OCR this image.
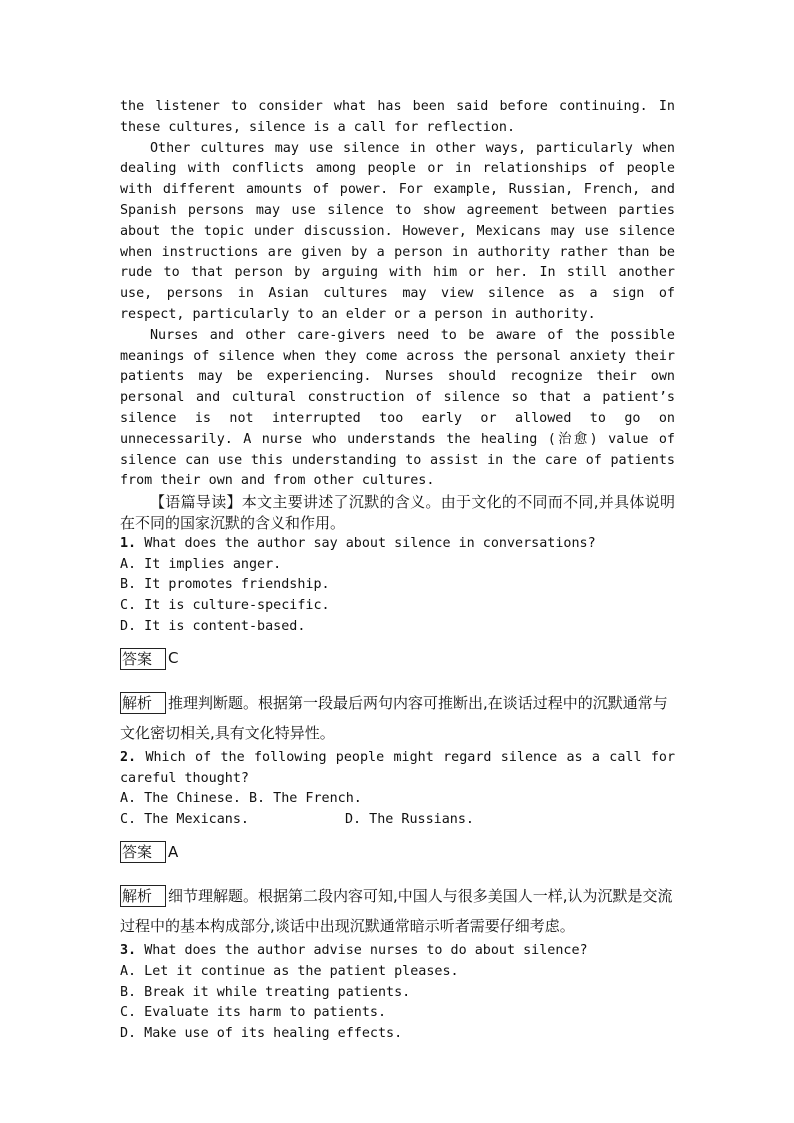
the listener to consider what has been said before continuing. In these cultures, silence is a call for reflection.

Other cultures may use silence in other ways, particularly when dealing with conflicts among people or in relationships of people with different amounts of power. For example, Russian, French, and Spanish persons may use silence to show agreement between parties about the topic under discussion. However, Mexicans may use silence when instructions are given by a person in authority rather than be rude to that person by arguing with him or her. In still another use, persons in Asian cultures may view silence as a sign of respect, particularly to an elder or a person in authority.

Nurses and other care-givers need to be aware of the possible meanings of silence when they come across the personal anxiety their patients may be experiencing. Nurses should recognize their own personal and cultural construction of silence so that a patient’s silence is not interrupted too early or allowed to go on unnecessarily. A nurse who understands the healing (治愈) value of silence can use this understanding to assist in the care of patients from their own and from other cultures.

【语篇导读】本文主要讲述了沉默的含义。由于文化的不同而不同,并具体说明在不同的国家沉默的含义和作用。

1. What does the author say about silence in conversations?

A. It implies anger.
B. It promotes friendship.
C. It is culture-specific.
D. It is content-based.
答案	C
解析 推理判断题。根据第一段最后两句内容可推断出,在谈话过程中的沉默通常与文化密切相关,具有文化特异性。

2. Which of the following people might regard silence as a call for careful thought?

A. The Chinese. B. The French.
C. The Mexicans.	D. The Russians.
答案	A
解析 细节理解题。根据第二段内容可知,中国人与很多美国人一样,认为沉默是交流过程中的基本构成部分,谈话中出现沉默通常暗示听者需要仔细考虑。

3. What does the author advise nurses to do about silence?

A. Let it continue as the patient pleases.
B. Break it while treating patients.
C. Evaluate its harm to patients.
D. Make use of its healing effects.
